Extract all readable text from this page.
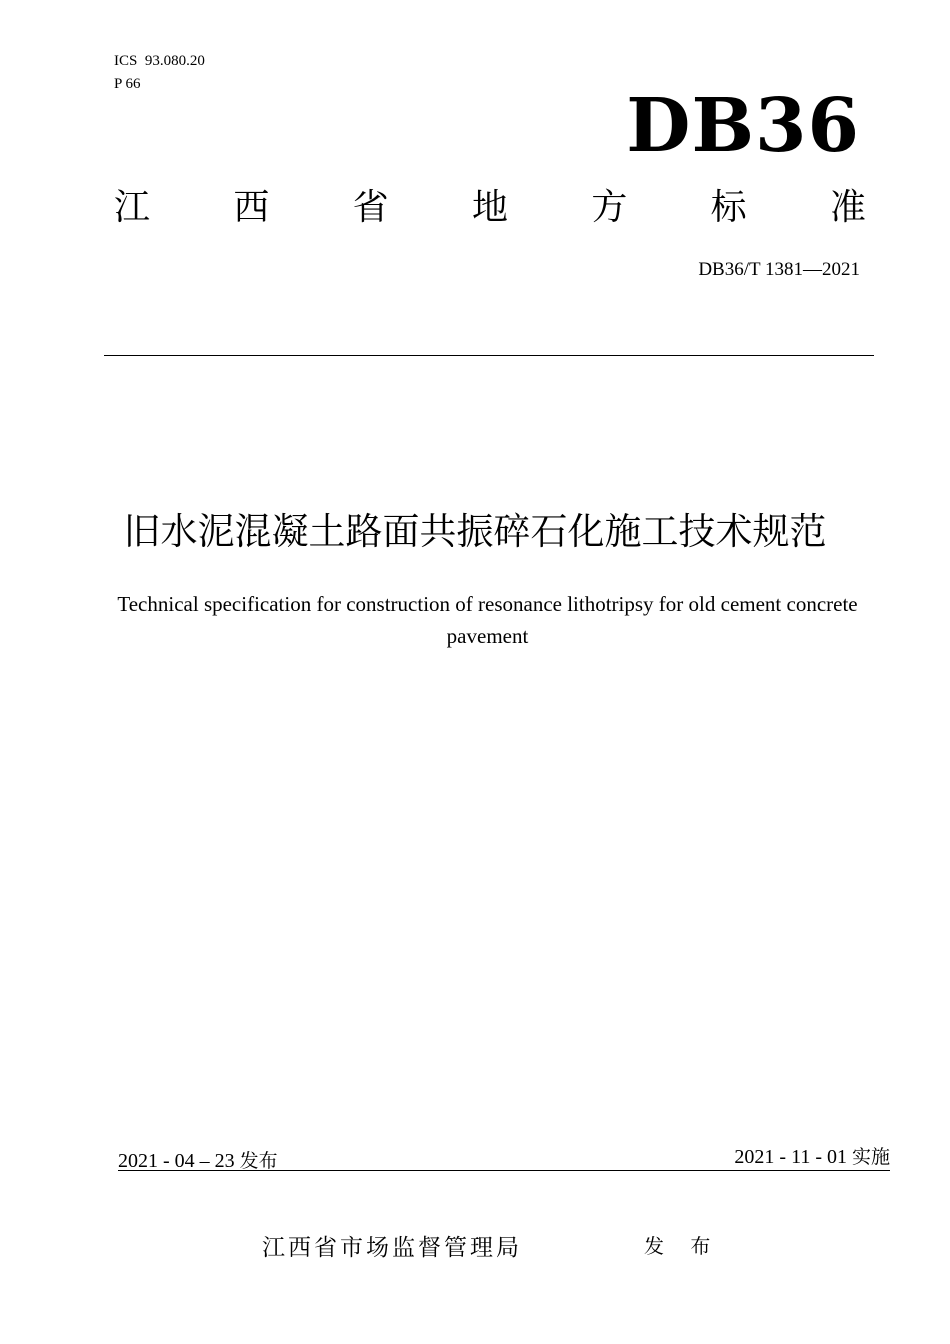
ICS  93.080.20
P 66	DB36
江 西 省 地 方 标 准
DB36/T 1381—2021
旧水泥混凝土路面共振碎石化施工技术规范
Technical specification for construction of resonance lithotripsy for old cement concrete
pavement
2021 - 04 – 23 发布	2021 - 11 - 01 实施
江西省市场监督管理局	发 布
